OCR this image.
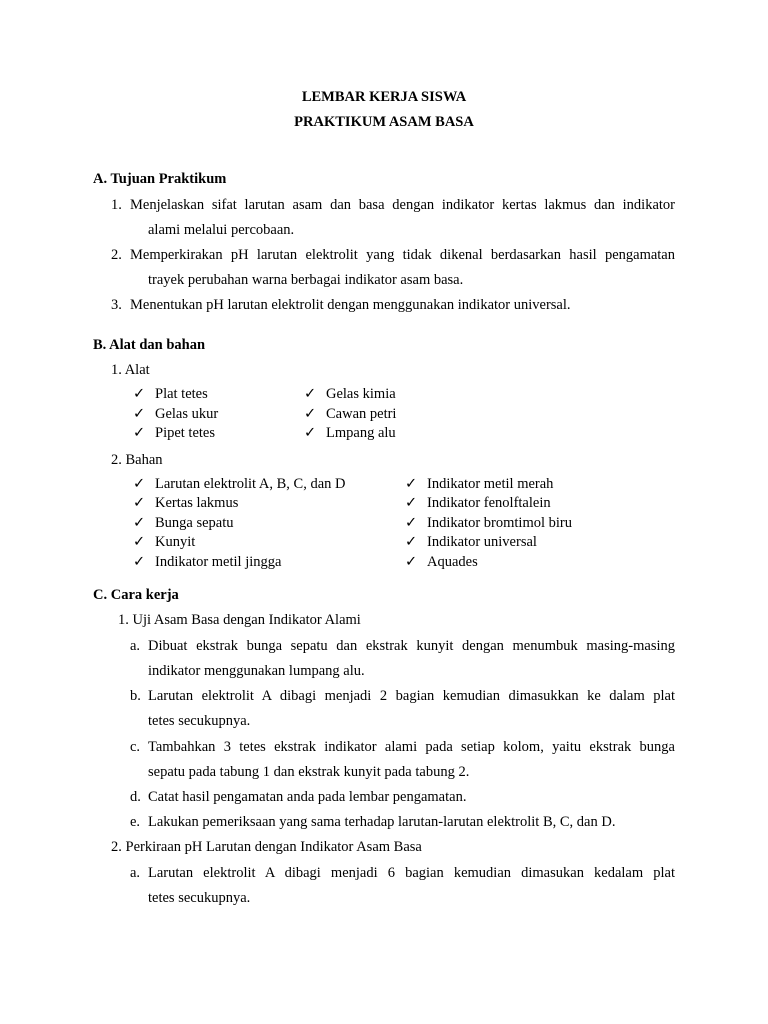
LEMBAR KERJA SISWA
PRAKTIKUM ASAM BASA
A. Tujuan Praktikum
1. Menjelaskan sifat larutan asam dan basa dengan indikator kertas lakmus dan indikator
alami melalui percobaan.
2. Memperkirakan pH larutan elektrolit yang tidak dikenal berdasarkan hasil pengamatan
trayek perubahan warna berbagai indikator asam basa.
3. Menentukan pH larutan elektrolit dengan menggunakan indikator universal.
B. Alat dan bahan
1. Alat
✓ Plat tetes
✓ Gelas ukur
✓ Pipet tetes
✓ Gelas kimia
✓ Cawan petri
✓ Lmpang alu
2. Bahan
✓ Larutan elektrolit A, B, C, dan D
✓ Kertas lakmus
✓ Bunga sepatu
✓ Kunyit
✓ Indikator metil jingga
✓ Indikator metil merah
✓ Indikator fenolftalein
✓ Indikator bromtimol biru
✓ Indikator universal
✓ Aquades
C. Cara kerja
1. Uji Asam Basa dengan Indikator Alami
a. Dibuat ekstrak bunga sepatu dan ekstrak kunyit dengan menumbuk masing-masing
indikator menggunakan lumpang alu.
b. Larutan elektrolit A dibagi menjadi 2 bagian kemudian dimasukkan ke dalam plat
tetes secukupnya.
c. Tambahkan 3 tetes ekstrak indikator alami pada setiap kolom, yaitu ekstrak bunga
sepatu pada tabung 1 dan ekstrak kunyit pada tabung 2.
d. Catat hasil pengamatan anda pada lembar pengamatan.
e. Lakukan pemeriksaan yang sama terhadap larutan-larutan elektrolit B, C, dan D.
2. Perkiraan pH Larutan dengan Indikator Asam Basa
a. Larutan elektrolit A dibagi menjadi 6 bagian kemudian dimasukan kedalam plat
tetes secukupnya.
